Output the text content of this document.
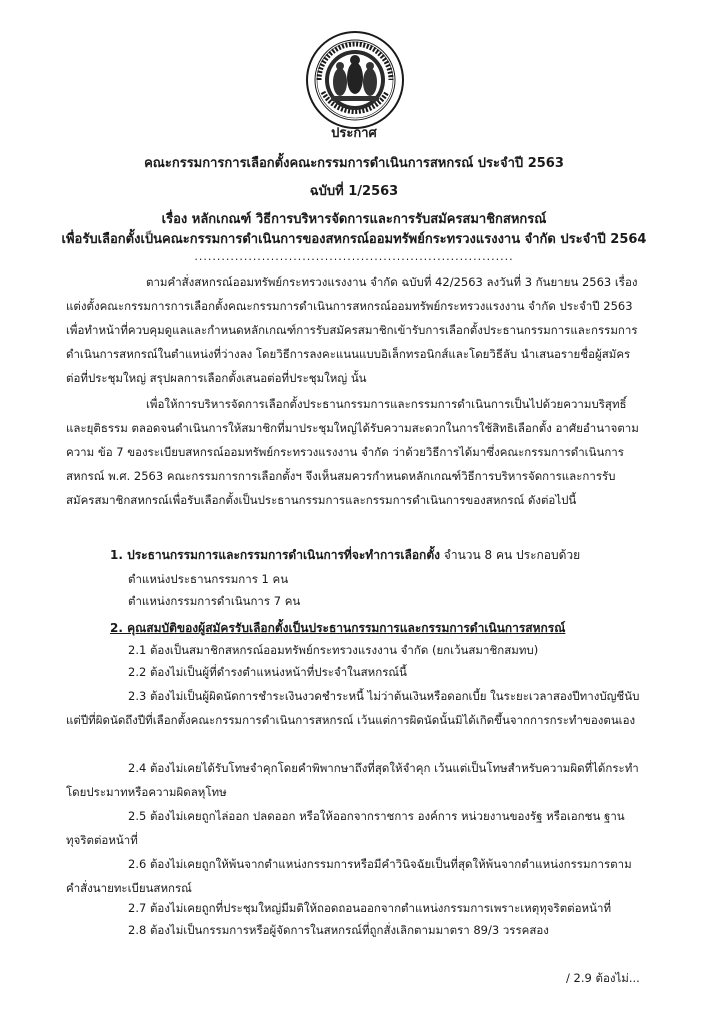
ประกาศ
คณะกรรมการการเลือกตั้งคณะกรรมการดำเนินการสหกรณ์ ประจำปี 2563
ฉบับที่ 1/2563
เรื่อง หลักเกณฑ์ วิธีการบริหารจัดการและการรับสมัครสมาชิกสหกรณ์
เพื่อรับเลือกตั้งเป็นคณะกรรมการดำเนินการของสหกรณ์ออมทรัพย์กระทรวงแรงงาน จำกัด ประจำปี 2564
.......................................................................
ตามคำสั่งสหกรณ์ออมทรัพย์กระทรวงแรงงาน จำกัด ฉบับที่ 42/2563 ลงวันที่ 3 กันยายน 2563 เรื่อง แต่งตั้งคณะกรรมการการเลือกตั้งคณะกรรมการดำเนินการสหกรณ์ออมทรัพย์กระทรวงแรงงาน จำกัด ประจำปี 2563 เพื่อทำหน้าที่ควบคุมดูแลและกำหนดหลักเกณฑ์การรับสมัครสมาชิกเข้ารับการเลือกตั้งประธานกรรมการและกรรมการดำเนินการสหกรณ์ในตำแหน่งที่ว่างลง โดยวิธีการลงคะแนนแบบอิเล็กทรอนิกส์และโดยวิธีลับ นำเสนอรายชื่อผู้สมัครต่อที่ประชุมใหญ่ สรุปผลการเลือกตั้งเสนอต่อที่ประชุมใหญ่ นั้น
เพื่อให้การบริหารจัดการเลือกตั้งประธานกรรมการและกรรมการดำเนินการเป็นไปด้วยความบริสุทธิ์และยุติธรรม ตลอดจนดำเนินการให้สมาชิกที่มาประชุมใหญ่ได้รับความสะดวกในการใช้สิทธิเลือกตั้ง อาศัยอำนาจตามความ ข้อ 7 ของระเบียบสหกรณ์ออมทรัพย์กระทรวงแรงงาน จำกัด ว่าด้วยวิธีการได้มาซึ่งคณะกรรมการดำเนินการสหกรณ์ พ.ศ. 2563 คณะกรรมการการเลือกตั้งฯ จึงเห็นสมควรกำหนดหลักเกณฑ์วิธีการบริหารจัดการและการรับสมัครสมาชิกสหกรณ์เพื่อรับเลือกตั้งเป็นประธานกรรมการและกรรมการดำเนินการของสหกรณ์ ดังต่อไปนี้
1. ประธานกรรมการและกรรมการดำเนินการที่จะทำการเลือกตั้ง จำนวน 8 คน ประกอบด้วย
ตำแหน่งประธานกรรมการ 1 คน
ตำแหน่งกรรมการดำเนินการ 7 คน
2. คุณสมบัติของผู้สมัครรับเลือกตั้งเป็นประธานกรรมการและกรรมการดำเนินการสหกรณ์
2.1 ต้องเป็นสมาชิกสหกรณ์ออมทรัพย์กระทรวงแรงงาน จำกัด (ยกเว้นสมาชิกสมทบ)
2.2 ต้องไม่เป็นผู้ที่ดำรงตำแหน่งหน้าที่ประจำในสหกรณ์นี้
2.3 ต้องไม่เป็นผู้ผิดนัดการชำระเงินงวดชำระหนี้ ไม่ว่าต้นเงินหรือดอกเบี้ย ในระยะเวลาสองปีทางบัญชีนับแต่ปีที่ผิดนัดถึงปีที่เลือกตั้งคณะกรรมการดำเนินการสหกรณ์ เว้นแต่การผิดนัดนั้นมิได้เกิดขึ้นจากการกระทำของตนเอง
2.4 ต้องไม่เคยได้รับโทษจำคุกโดยคำพิพากษาถึงที่สุดให้จำคุก เว้นแต่เป็นโทษสำหรับความผิดที่ได้กระทำโดยประมาทหรือความผิดลหุโทษ
2.5 ต้องไม่เคยถูกไล่ออก ปลดออก หรือให้ออกจากราชการ องค์การ หน่วยงานของรัฐ หรือเอกชน ฐานทุจริตต่อหน้าที่
2.6 ต้องไม่เคยถูกให้พ้นจากตำแหน่งกรรมการหรือมีคำวินิจฉัยเป็นที่สุดให้พ้นจากตำแหน่งกรรมการตามคำสั่งนายทะเบียนสหกรณ์
2.7 ต้องไม่เคยถูกที่ประชุมใหญ่มีมติให้ถอดถอนออกจากตำแหน่งกรรมการเพราะเหตุทุจริตต่อหน้าที่
2.8 ต้องไม่เป็นกรรมการหรือผู้จัดการในสหกรณ์ที่ถูกสั่งเลิกตามมาตรา 89/3 วรรคสอง
/ 2.9 ต้องไม่...
